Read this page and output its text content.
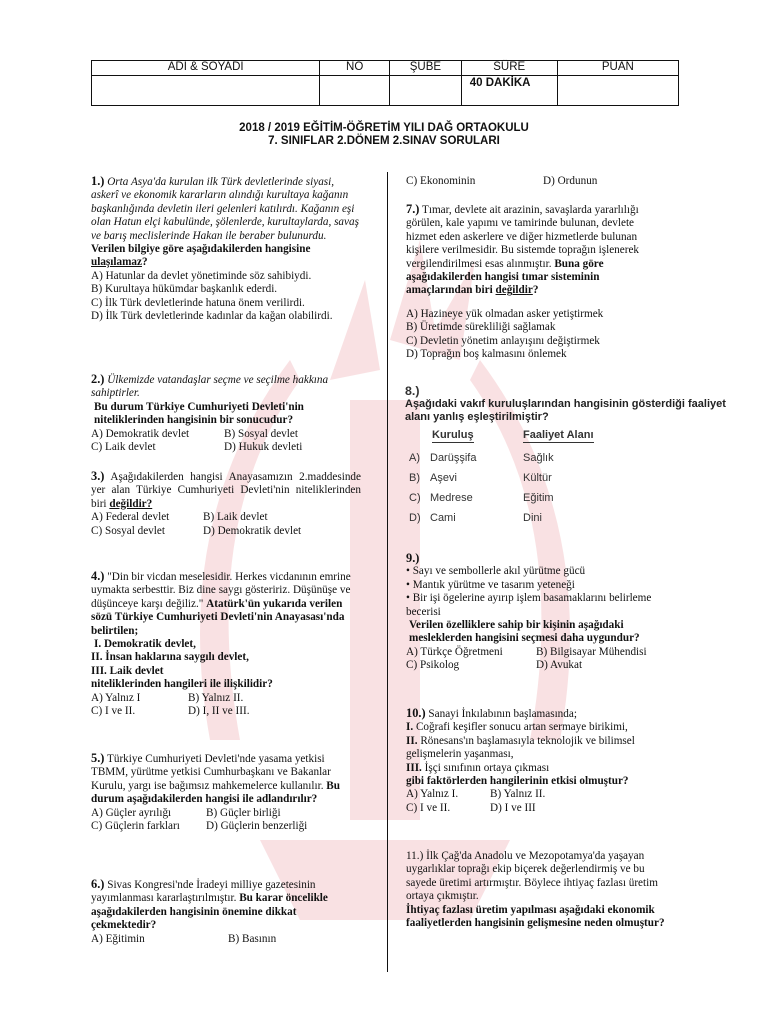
ADI & SOYADI	NO	ŞUBE	SÜRE	PUAN
			40 DAKİKA	
2018 / 2019 EĞİTİM-ÖĞRETİM YILI DAĞ ORTAOKULU
7. SINIFLAR 2.DÖNEM 2.SINAV SORULARI

1.) Orta Asya'da kurulan ilk Türk devletlerinde siyasi, askerî ve ekonomik kararların alındığı kurultaya kağanın başkanlığında devletin ileri gelenleri katılırdı. Kağanın eşi olan Hatun elçi kabulünde, şölenlerde, kurultaylarda, savaş ve barış meclislerinde Hakan ile beraber bulunurdu.

Verilen bilgiye göre aşağıdakilerden hangisine ulaşılamaz?

A) Hatunlar da devlet yönetiminde söz sahibiydi.

B) Kurultaya hükümdar başkanlık ederdi.

C) İlk Türk devletlerinde hatuna önem verilirdi.

D) İlk Türk devletlerinde kadınlar da kağan olabilirdi.

2.) Ülkemizde vatandaşlar seçme ve seçilme hakkına sahiptirler.

Bu durum Türkiye Cumhuriyeti Devleti'nin niteliklerinden hangisinin bir sonucudur?

A) Demokratik devlet	B) Sosyal devlet
C) Laik devlet	D) Hukuk devleti

3.) Aşağıdakilerden hangisi Anayasamızın 2.maddesinde yer alan Türkiye Cumhuriyeti Devleti'nin niteliklerinden biri değildir?

A) Federal devlet	B) Laik devlet
C) Sosyal devlet	D) Demokratik devlet

4.) "Din bir vicdan meselesidir. Herkes vicdanının emrine uymakta serbesttir. Biz dine saygı gösteririz. Düşünüşe ve düşünceye karşı değiliz." Atatürk'ün yukarıda verilen sözü Türkiye Cumhuriyeti Devleti'nin Anayasası'nda belirtilen;

I. Demokratik devlet,

II. İnsan haklarına saygılı devlet,

III. Laik devlet

niteliklerinden hangileri ile ilişkilidir?

A) Yalnız I	B) Yalnız II.
C) I ve II.	D) I, II ve III.

5.) Türkiye Cumhuriyeti Devleti'nde yasama yetkisi TBMM, yürütme yetkisi Cumhurbaşkanı ve Bakanlar Kurulu, yargı ise bağımsız mahkemelerce kullanılır. Bu durum aşağıdakilerden hangisi ile adlandırılır?

A) Güçler ayrılığı	B) Güçler birliği
C) Güçlerin farkları	D) Güçlerin benzerliği

6.) Sivas Kongresi'nde İradeyi milliye gazetesinin yayımlanması kararlaştırılmıştır. Bu karar öncelikle aşağıdakilerden hangisinin önemine dikkat çekmektedir?

A) Eğitimin	B) Basının
C) Ekonominin	D) Ordunun

7.) Tımar, devlete ait arazinin, savaşlarda yararlılığı görülen, kale yapımı ve tamirinde bulunan, devlete hizmet eden askerlere ve diğer hizmetlerde bulunan kişilere verilmesidir. Bu sistemde toprağın işlenerek vergilendirilmesi esas alınmıştır. Buna göre aşağıdakilerden hangisi tımar sisteminin amaçlarından biri değildir?

A) Hazineye yük olmadan asker yetiştirmek

B) Üretimde sürekliliği sağlamak

C) Devletin yönetim anlayışını değiştirmek

D) Toprağın boş kalmasını önlemek

8.)
Aşağıdaki vakıf kuruluşlarından hangisinin gösterdiği faaliyet alanı yanlış eşleştirilmiştir?
Kuruluş	Faaliyet Alanı
A) Darüşşifa	Sağlık
B) Aşevi	Kültür
C) Medrese	Eğitim
D) Cami	Dini

9.)

• Sayı ve sembollerle akıl yürütme gücü

• Mantık yürütme ve tasarım yeteneği

• Bir işi ögelerine ayırıp işlem basamaklarını belirleme becerisi

Verilen özelliklere sahip bir kişinin aşağıdaki mesleklerden hangisini seçmesi daha uygundur?

A) Türkçe Öğretmeni	B) Bilgisayar Mühendisi
C) Psikolog	D) Avukat

10.) Sanayi İnkılabının başlamasında;

I. Coğrafi keşifler sonucu artan sermaye birikimi,

II. Rönesans'ın başlamasıyla teknolojik ve bilimsel gelişmelerin yaşanması,

III. İşçi sınıfının ortaya çıkması

gibi faktörlerden hangilerinin etkisi olmuştur?

A) Yalnız I.	B) Yalnız II.
C) I ve II.	D) I ve III

11.) İlk Çağ'da Anadolu ve Mezopotamya'da yaşayan uygarlıklar toprağı ekip biçerek değerlendirmiş ve bu sayede üretimi artırmıştır. Böylece ihtiyaç fazlası üretim ortaya çıkmıştır.

İhtiyaç fazlası üretim yapılması aşağıdaki ekonomik faaliyetlerden hangisinin gelişmesine neden olmuştur?
